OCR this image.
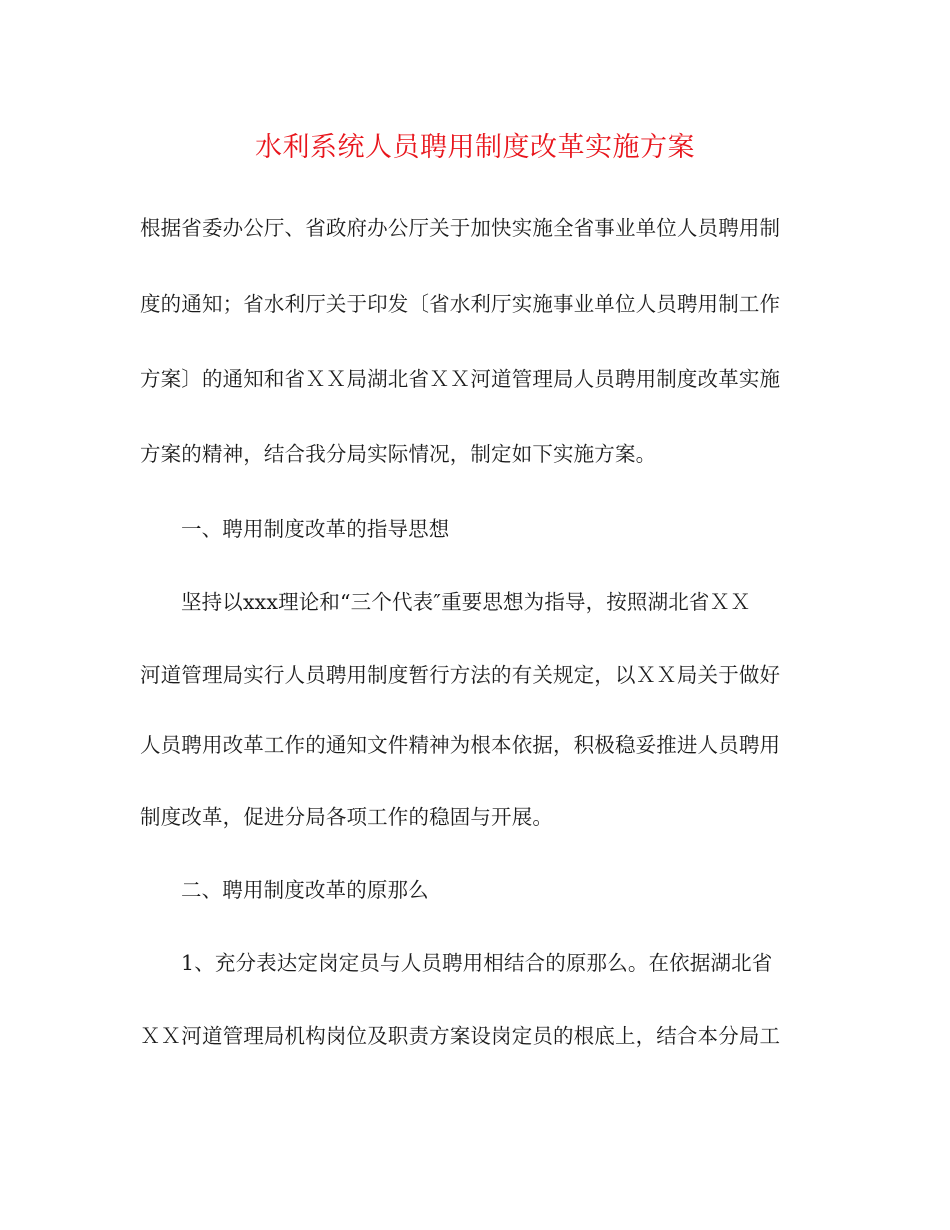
水利系统人员聘用制度改革实施方案
根据省委办公厅、省政府办公厅关于加快实施全省事业单位人员聘用制
度的通知；省水利厅关于印发〔省水利厅实施事业单位人员聘用制工作
方案〕的通知和省ＸＸ局湖北省ＸＸ河道管理局人员聘用制度改革实施
方案的精神，结合我分局实际情况，制定如下实施方案。
一、聘用制度改革的指导思想
坚持以xxx理论和“三个代表″重要思想为指导，按照湖北省ＸＸ
河道管理局实行人员聘用制度暂行方法的有关规定，以ＸＸ局关于做好
人员聘用改革工作的通知文件精神为根本依据，积极稳妥推进人员聘用
制度改革，促进分局各项工作的稳固与开展。
二、聘用制度改革的原那么
1、充分表达定岗定员与人员聘用相结合的原那么。在依据湖北省
ＸＸ河道管理局机构岗位及职责方案设岗定员的根底上，结合本分局工
